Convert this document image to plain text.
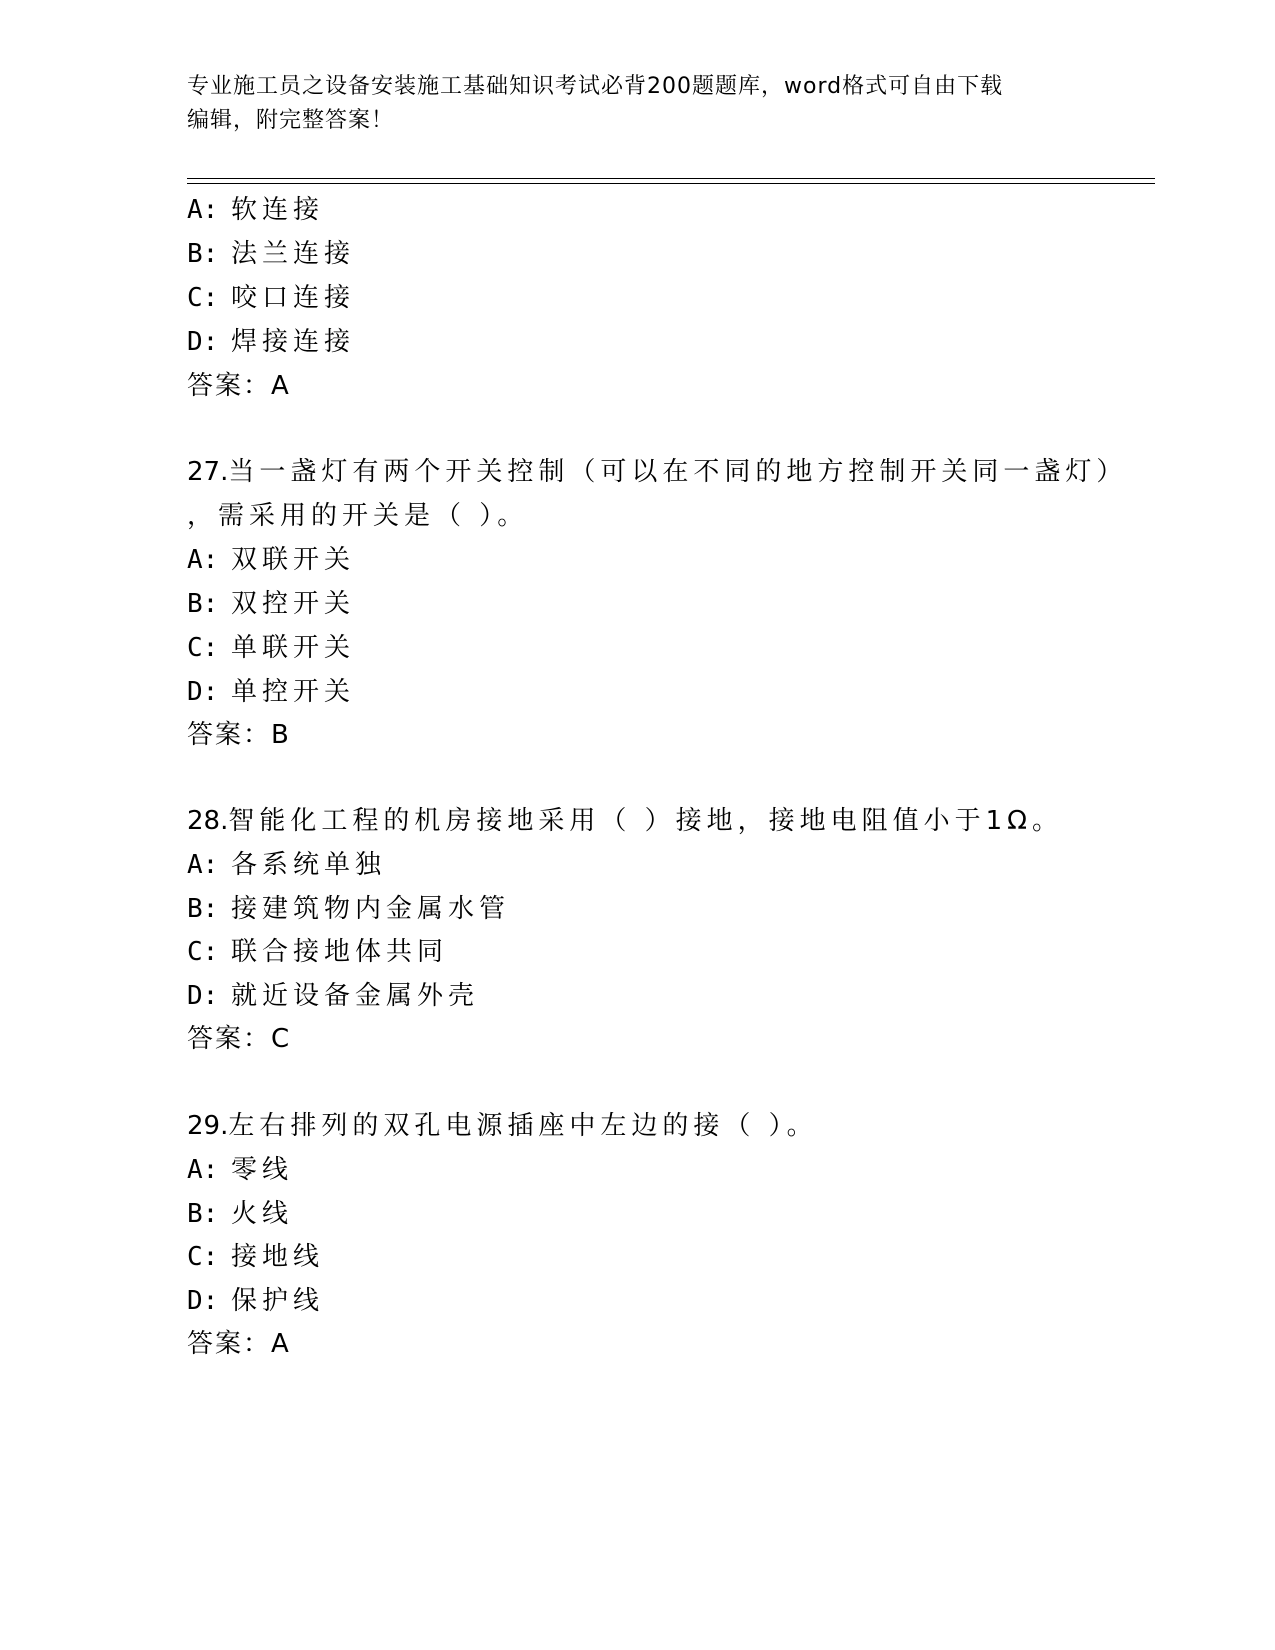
专业施工员之设备安装施工基础知识考试必背200题题库，word格式可自由下载
编辑，附完整答案！
A: 软连接
B: 法兰连接
C: 咬口连接
D: 焊接连接
答案：A
27.当一盏灯有两个开关控制（可以在不同的地方控制开关同一盏灯）
，需采用的开关是（ ）。
A: 双联开关
B: 双控开关
C: 单联开关
D: 单控开关
答案：B
28.智能化工程的机房接地采用（ ）接地，接地电阻值小于1Ω。
A: 各系统单独
B: 接建筑物内金属水管
C: 联合接地体共同
D: 就近设备金属外壳
答案：C
29.左右排列的双孔电源插座中左边的接（ ）。
A: 零线
B: 火线
C: 接地线
D: 保护线
答案：A
